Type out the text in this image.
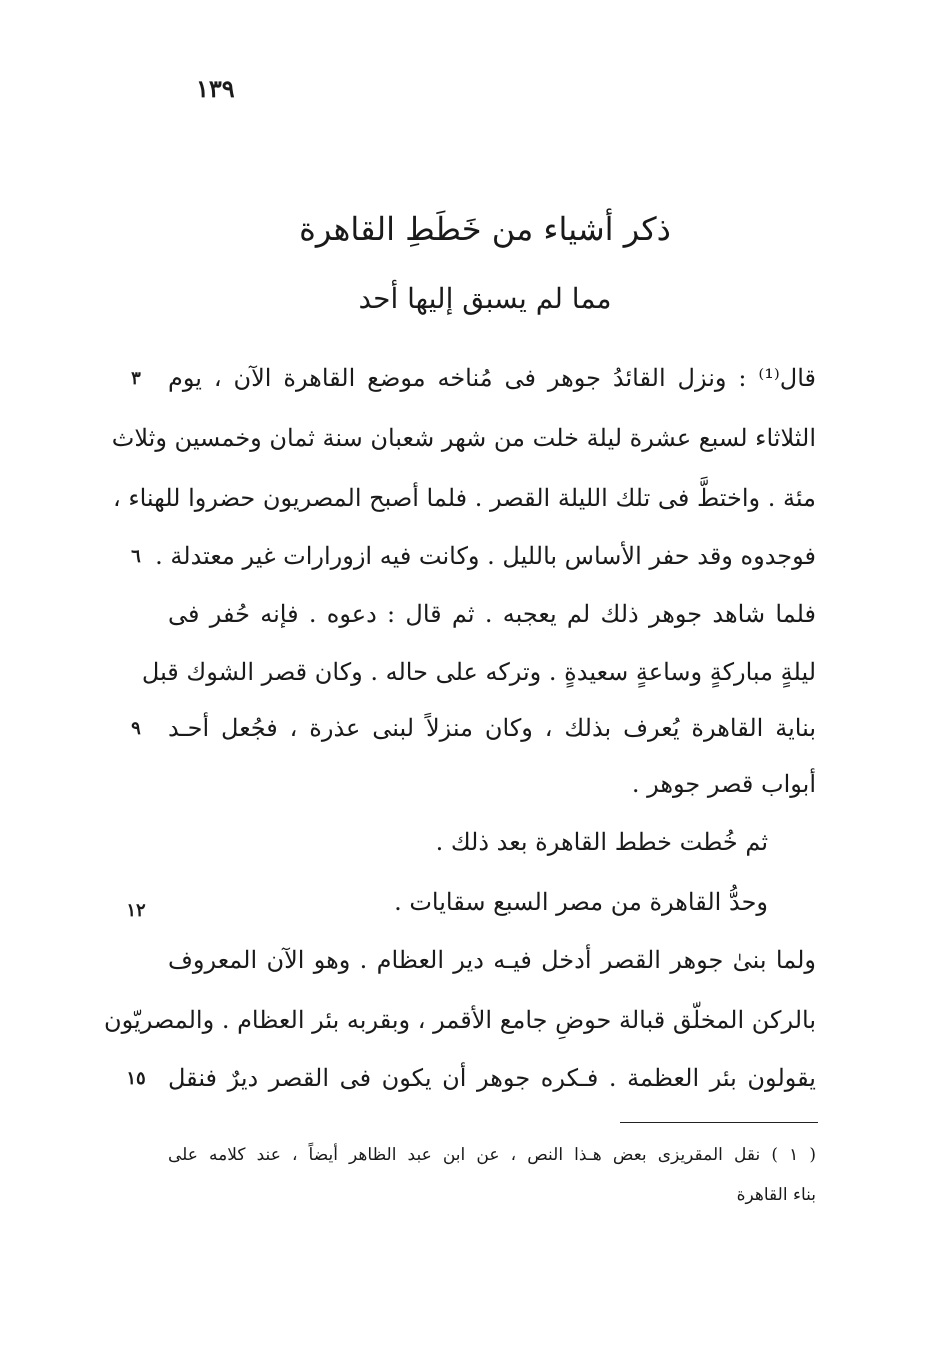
١٣٩
ذكر أشياء من خَطَطِ القاهرة
مما لم يسبق إليها أحد
قال⁽¹⁾ : ونزل القائدُ جوهر فى مُناخه موضع القاهرة الآن ، يوم
الثلاثاء لسبع عشرة ليلة خلت من شهر شعبان سنة ثمان وخمسين وثلاث
مئة . واختطَّ فى تلك الليلة القصر . فلما أصبح المصريون حضروا للهناء ،
فوجدوه وقد حفر الأساس بالليل . وكانت فيه ازورارات غير معتدلة .
فلما شاهد جوهر ذلك لم يعجبه . ثم قال : دعوه . فإنه حُفر فى
ليلةٍ مباركةٍ وساعةٍ سعيدةٍ . وتركه على حاله . وكان قصر الشوك قبل
بناية القاهرة يُعرف بذلك ، وكان منزلاً لبنى عذرة ، فجُعل أحـد
أبواب قصر جوهر .
ثم خُطت خطط القاهرة بعد ذلك .
وحدُّ القاهرة من مصر السبع سقايات .
ولما بنىٰ جوهر القصر أدخل فيـه دير العظام . وهو الآن المعروف
بالركن المخلّق قبالة حوضِ جامع الأقمر ، وبقربه بئر العظام . والمصريّون
يقولون بئر العظمة . فـكره جوهر أن يكون فى القصر ديرٌ فنقل
٣
٦
٩
١٢
١٥
( ١ ) نقل المقريزى بعض هـذا النص ، عن ابن عبد الظاهر أيضاً ، عند كلامه على
بناء القاهرة
